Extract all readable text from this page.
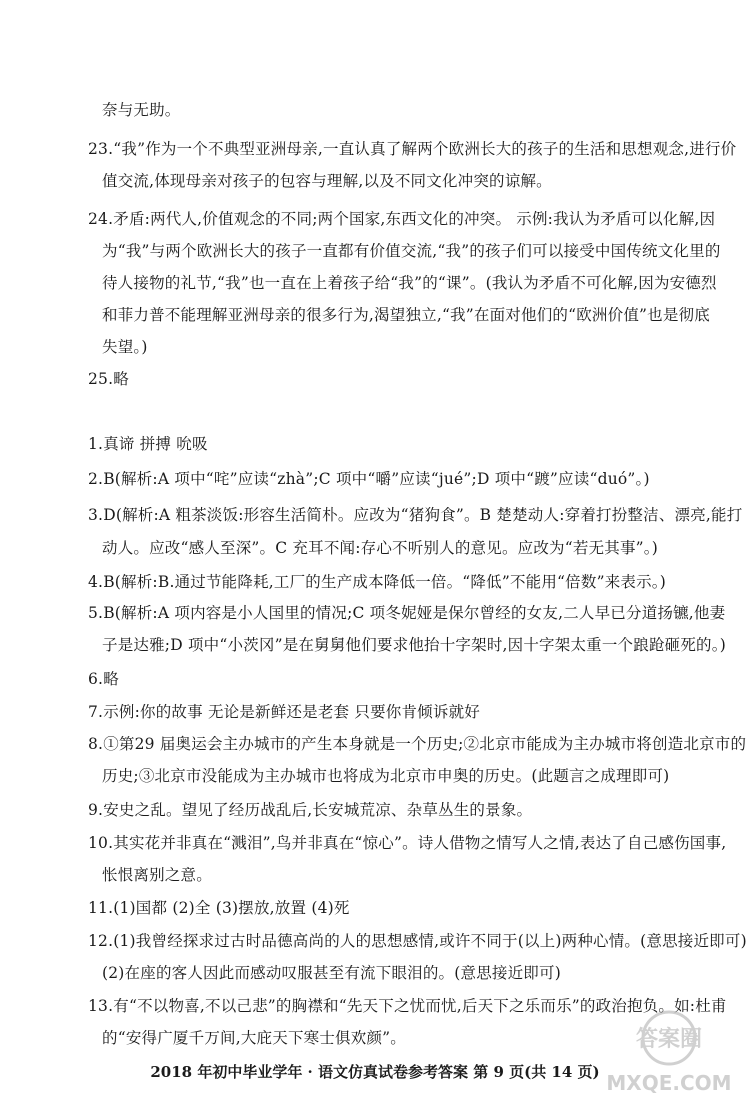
奈与无助。
23.“我”作为一个不典型亚洲母亲,一直认真了解两个欧洲长大的孩子的生活和思想观念,进行价
值交流,体现母亲对孩子的包容与理解,以及不同文化冲突的谅解。
24.矛盾:两代人,价值观念的不同;两个国家,东西文化的冲突。 示例:我认为矛盾可以化解,因
为“我”与两个欧洲长大的孩子一直都有价值交流,“我”的孩子们可以接受中国传统文化里的
待人接物的礼节,“我”也一直在上着孩子给“我”的“课”。(我认为矛盾不可化解,因为安德烈
和菲力普不能理解亚洲母亲的很多行为,渴望独立,“我”在面对他们的“欧洲价值”也是彻底
失望。)
25.略
1.真谛 拼搏 吮吸
2.B(解析:A 项中“咤”应读“zhà”;C 项中“嚼”应读“jué”;D 项中“踱”应读“duó”。)
3.D(解析:A 粗茶淡饭:形容生活简朴。应改为“猪狗食”。B 楚楚动人:穿着打扮整洁、漂亮,能打
动人。应改“感人至深”。C 充耳不闻:存心不听别人的意见。应改为“若无其事”。)
4.B(解析:B.通过节能降耗,工厂的生产成本降低一倍。“降低”不能用“倍数”来表示。)
5.B(解析:A 项内容是小人国里的情况;C 项冬妮娅是保尔曾经的女友,二人早已分道扬镳,他妻
子是达雅;D 项中“小茨冈”是在舅舅他们要求他抬十字架时,因十字架太重一个踉跄砸死的。)
6.略
7.示例:你的故事 无论是新鲜还是老套 只要你肯倾诉就好
8.①第29 届奥运会主办城市的产生本身就是一个历史;②北京市能成为主办城市将创造北京市的
历史;③北京市没能成为主办城市也将成为北京市申奥的历史。(此题言之成理即可)
9.安史之乱。望见了经历战乱后,长安城荒凉、杂草丛生的景象。
10.其实花并非真在“溅泪”,鸟并非真在“惊心”。诗人借物之情写人之情,表达了自己感伤国事,
怅恨离别之意。
11.(1)国都 (2)全 (3)摆放,放置 (4)死
12.(1)我曾经探求过古时品德高尚的人的思想感情,或许不同于(以上)两种心情。(意思接近即可)
(2)在座的客人因此而感动叹服甚至有流下眼泪的。(意思接近即可)
13.有“不以物喜,不以己悲”的胸襟和“先天下之忧而忧,后天下之乐而乐”的政治抱负。如:杜甫
的“安得广厦千万间,大庇天下寒士俱欢颜”。
2018 年初中毕业学年 · 语文仿真试卷参考答案 第 9 页(共 14 页)
答案圈
MXQE.COM
